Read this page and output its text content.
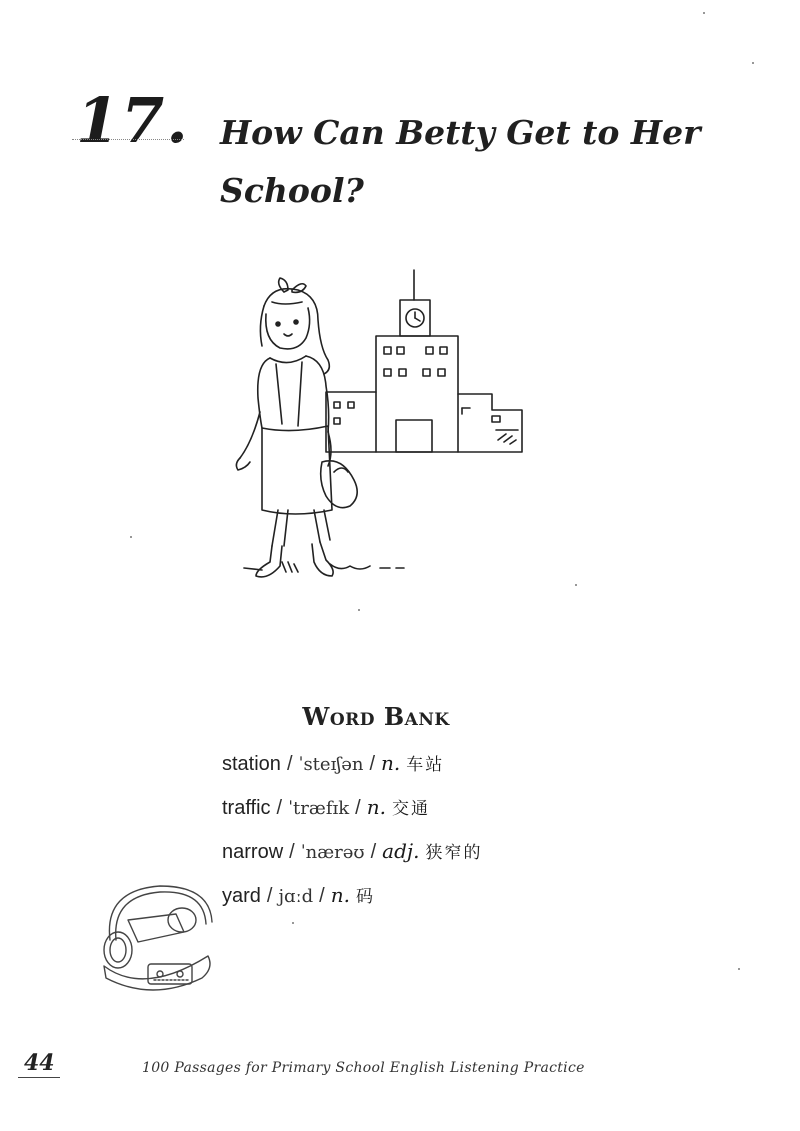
17. How Can Betty Get to Her School?
Word Bank
station / ˈsteɪʃən / n. 车站
traffic / ˈtræfɪk / n. 交通
narrow / ˈnærəʊ / adj. 狭窄的
yard / jɑːd / n. 码
44	100 Passages for Primary School English Listening Practice
